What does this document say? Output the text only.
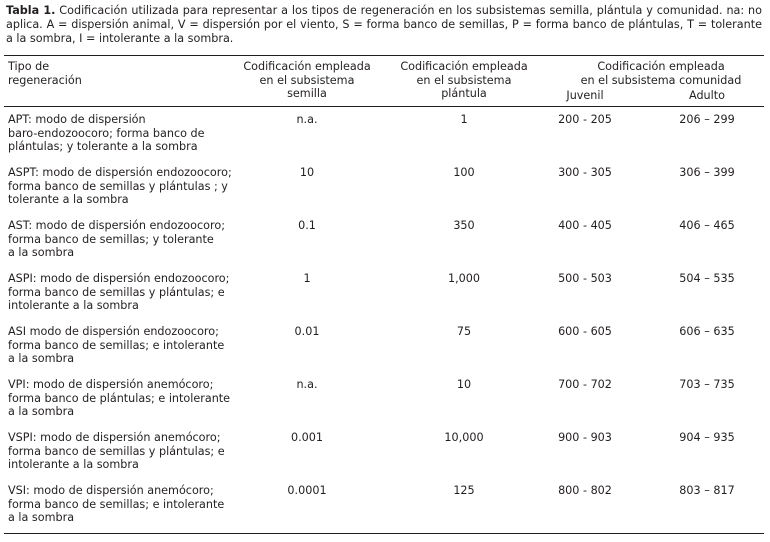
Tabla 1. Codificación utilizada para representar a los tipos de regeneración en los subsistemas semilla, plántula y comunidad. na: no aplica. A = dispersión animal, V = dispersión por el viento, S = forma banco de semillas, P = forma banco de plántulas, T = tolerante a la sombra, I = intolerante a la sombra.
Tipo de
regeneración
Codificación empleada
en el subsistema
semilla
Codificación empleada
en el subsistema
plántula
Codificación empleada
en el subsistema comunidad
Juvenil	Adulto
APT: modo de dispersión
baro-endozoocoro; forma banco de
plántulas; y tolerante a la sombra
n.a.	1	200 - 205	206 – 299
ASPT: modo de dispersión endozoocoro;
forma banco de semillas y plántulas ; y
tolerante a la sombra
10	100	300 - 305	306 – 399
AST: modo de dispersión endozoocoro;
forma banco de semillas; y tolerante
a la sombra
0.1	350	400 - 405	406 – 465
ASPI: modo de dispersión endozoocoro;
forma banco de semillas y plántulas; e
intolerante a la sombra
1	1,000	500 - 503	504 – 535
ASI modo de dispersión endozoocoro;
forma banco de semillas; e intolerante
a la sombra
0.01	75	600 - 605	606 – 635
VPI: modo de dispersión anemócoro;
forma banco de plántulas; e intolerante
a la sombra
n.a.	10	700 - 702	703 – 735
VSPI: modo de dispersión anemócoro;
forma banco de semillas y plántulas; e
intolerante a la sombra
0.001	10,000	900 - 903	904 – 935
VSI: modo de dispersión anemócoro;
forma banco de semillas; e intolerante
a la sombra
0.0001	125	800 - 802	803 – 817
